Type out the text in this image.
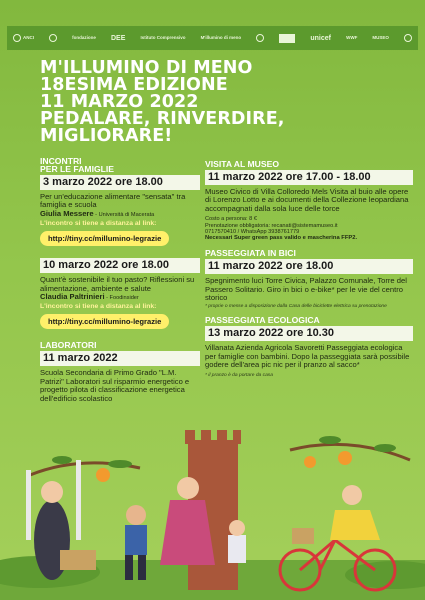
ANCI	fondazione DEE	Istituto Comprensivo	M'illumino di meno	unicef	WWF	MUSEO
M'ILLUMINO DI MENO
18ESIMA EDIZIONE
11 MARZO 2022
PEDALARE, RINVERDIRE,
MIGLIORARE!
INCONTRI
PER LE FAMIGLIE
3 marzo 2022 ore 18.00
Per un'educazione alimentare "sensata" tra famiglia e scuola
Giulia Messere - Università di Macerata
L'incontro si tiene a distanza al link:
http://tiny.cc/millumino-legrazie
10 marzo 2022 ore 18.00
Quant'è sostenibile il tuo pasto? Riflessioni su alimentazione, ambiente e salute
Claudia Paltrinieri - Foodinsider
L'incontro si tiene a distanza al link:
http://tiny.cc/millumino-legrazie
LABORATORI
11 marzo 2022
Scuola Secondaria di Primo Grado "L.M. Patrizi" Laboratori sul risparmio energetico e progetto pilota di classificazione energetica dell'edificio scolastico
VISITA AL MUSEO
11 marzo 2022 ore 17.00 - 18.00
Museo Civico di Villa Colloredo Mels Visita al buio alle opere di Lorenzo Lotto e ai documenti della Collezione leopardiana accompagnati dalla sola luce delle torce
Costo a persona: 8 €
Prenotazione obbligatoria: recanati@sistemamuseo.it
0717570410 / WhatsApp 3938761779
Necessari Super green pass valido e mascherina FFP2.
PASSEGGIATA IN BICI
11 marzo 2022 ore 18.00
Spegnimento luci Torre Civica, Palazzo Comunale, Torre del Passero Solitario. Giro in bici o e-bike* per le vie del centro storico
* proprie o messe a disposizione dalla Casa delle biciclette elettrica su prenotazione
PASSEGGIATA ECOLOGICA
13 marzo 2022 ore 10.30
Villanata Azienda Agricola Savoretti Passeggiata ecologica per famiglie con bambini. Dopo la passeggiata sarà possibile godere dell'area pic nic per il pranzo al sacco*
* il pranzo è da portare da casa
